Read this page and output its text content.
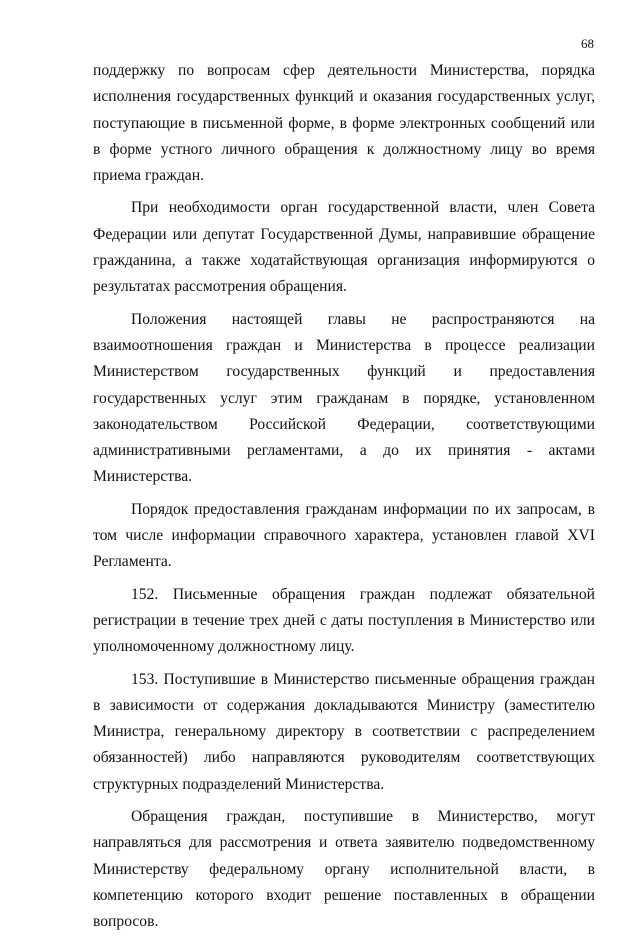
68

поддержку по вопросам сфер деятельности Министерства, порядка исполнения государственных функций и оказания государственных услуг, поступающие в письменной форме, в форме электронных сообщений или в форме устного личного обращения к должностному лицу во время приема граждан.

При необходимости орган государственной власти, член Совета Федерации или депутат Государственной Думы, направившие обращение гражданина, а также ходатайствующая организация информируются о результатах рассмотрения обращения.

Положения настоящей главы не распространяются на взаимоотношения граждан и Министерства в процессе реализации Министерством государственных функций и предоставления государственных услуг этим гражданам в порядке, установленном законодательством Российской Федерации, соответствующими административными регламентами, а до их принятия - актами Министерства.

Порядок предоставления гражданам информации по их запросам, в том числе информации справочного характера, установлен главой XVI Регламента.

152. Письменные обращения граждан подлежат обязательной регистрации в течение трех дней с даты поступления в Министерство или уполномоченному должностному лицу.

153. Поступившие в Министерство письменные обращения граждан в зависимости от содержания докладываются Министру (заместителю Министра, генеральному директору в соответствии с распределением обязанностей) либо направляются руководителям соответствующих структурных подразделений Министерства.

Обращения граждан, поступившие в Министерство, могут направляться для рассмотрения и ответа заявителю подведомственному Министерству федеральному органу исполнительной власти, в компетенцию которого входит решение поставленных в обращении вопросов.
